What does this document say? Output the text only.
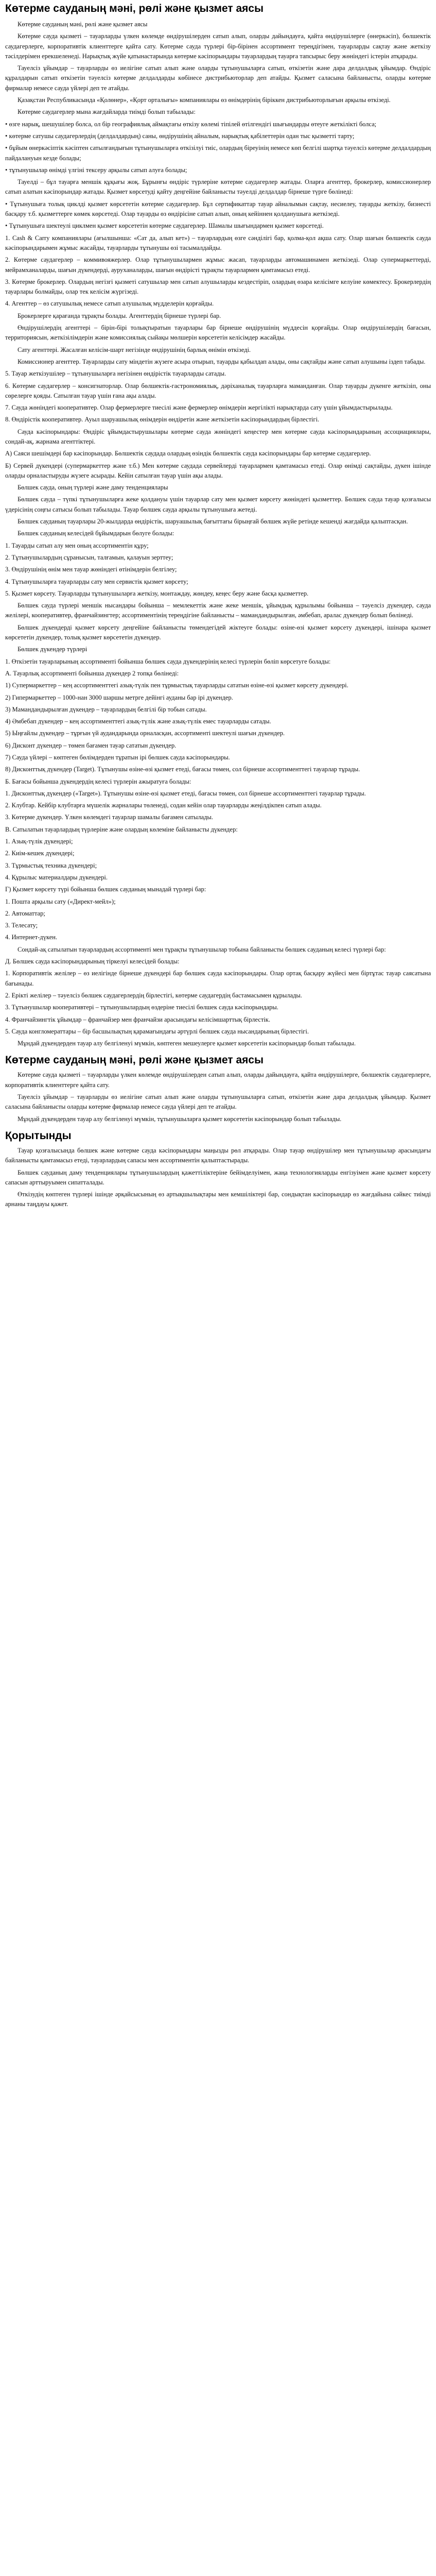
Көтерме сауданың мәні, рөлі және қызмет аясы

Көтерме сауданың мәні, рөлі және қызмет аясы

Көтерме сауда қызметі – тауарларды үлкен көлемде өндірушілерден сатып алып, оларды дайындауға, қайта өндірушілерге (өнеркәсіп), бөлшектік саудагерлерге, корпоративтік клиенттерге қайта сату. Көтерме сауда түрлері бір-бірінен ассортимент тереңдігімен, тауарларды сақтау және жеткізу тәсілдерімен ерекшеленеді. Нарықтық жүйе қатынастарында көтерме кәсіпорындары тауарлардың тауарға тапсырыс беру жөніндегі істерін атқарады.

Тауелсіз ұйымдар – тауарларды өз иелігіне сатып алып және оларды тұтынушыларға сатып, өткізетін және дара делдалдық ұйымдар. Өндіріс құралдарын сатып өткізетін тәуелсіз көтерме делдалдарды көбінесе дистрибьюторлар деп атайды. Қызмет саласына байланысты, оларды көтерме фирмалар немесе сауда үйлері деп те атайды.

Қазақстан Республикасында «Қолөнер», «Қорт орталығы» компаниялары өз өнімдерінің біріккен дистрибьюторлығын арқылы өткізеді.

Көтерме саудагерлер мына жағдайларда тиімді болып табылады:

• өзге нарық, шешушілер болса, ол бір географиялық аймақтағы өткізу көлемі тіпілей өтілгендігі шығындарды өтеуге жеткілікті болса;

• көтерме сатушы саудагерлердің (делдалдардың) саны, өндірушінің айналым, нарықтық қабілеттерін одан тыс қызметті тарту;

• бұйым өнеркәсіптік кәсіптен сатылғандығын тұтынушыларға өткізілуі тиіс, олардың біреуінің немесе көп белгілі шартқа тәуелсіз көтерме делдалдардың пайдалануын кезде болады;

• тұтынушылар өнімді үлгіні тексеру арқылы сатып алуға болады;

Тауелді – бұл тауарға меншік құқығы жоқ. Бұрынғы өндіріс түрлеріне көтерме саудагерлер жатады. Оларға агенттер, брокерлер, комиссионерлер сатып алатын кәсіпорындар жатады. Қызмет көрсетуді қайту деңгейіне байланысты тәуелді делдалдар бірнеше түрге бөлінеді:

• Тұтынушыға толық циклді қызмет көрсететін көтерме саудагерлер. Бұл сертификаттар тауар айналымын сақтау, несиелеу, тауарды жеткізу, бизнесті басқару т.б. қызметтерге көмек көрсетеді. Олар тауарды өз өндірісіне сатып алып, оның кейіннен қолданушыға жеткізеді.

• Тұтынушыға шектеулі циклмен қызмет көрсететін көтерме саудагерлер. Шамалы шығындармен қызмет көрсетеді.

1. Cash & Carry компаниялары (ағылшынша: «Сат да, алып кет») – тауарлардың өзге сәнділігі бар, қолма-қол ақша сату. Олар шағын бөлшектік сауда кәсіпорындарымен жұмыс жасайды, тауарларды тұтынушы өзі тасымалдайды.

2. Көтерме саудагерлер – коммивояжерлер. Олар тұтынушылармен жұмыс жасап, тауарларды автомашинамен жеткізеді. Олар супермаркеттерді, мейрамханаларды, шағын дүкендерді, ауруханаларды, шағын өндірісті тұрақты тауарлармен қамтамасыз етеді.

3. Көтерме брокерлер. Олардың негізгі қызметі сатушылар мен сатып алушыларды кездестіріп, олардың өзара келісімге келуіне көмектесу. Брокерлердің тауарлары болмайды, олар тек келісім жүргізеді.

4. Агенттер – өз сатушылық немесе сатып алушылық мүдделерін қорғайды.

Брокерлерге қарағанда тұрақты болады. Агенттердің бірнеше түрлері бар.

Өндірушілердің агенттері – бірін-бірі толықтыратын тауарлары бар бірнеше өндірушінің мүддесін қорғайды. Олар өндірушілердің бағасын, территориясын, жеткізілімдерін және комиссиялық сыйақы мөлшерін көрсететін келісімдер жасайды.

Сату агенттері. Жасалған келісім-шарт негізінде өндірушінің барлық өнімін өткізеді.

Комиссионер агенттер. Тауарларды сату міндетін жүзеге асыра отырып, тауарды қабылдап алады, оны сақтайды және сатып алушыны іздеп табады.

5. Тауар жеткізушілер – тұтынушыларға негізінен өндірістік тауарларды сатады.

6. Көтерме саудагерлер – консигнаторлар. Олар бөлшектік-гастрономиялық, дәріханалық тауарларға маманданған. Олар тауарды дүкенге жеткізіп, оны сөрелерге қояды. Сатылған тауар үшін ғана ақы алады.

7. Сауда жөніндегі кооперативтер. Олар фермерлерге тиесілі және фермерлер өнімдерін жергілікті нарықтарда сату үшін ұйымдастырылады.

8. Өндірістік кооперативтер. Ауыл шаруашылық өнімдерін өндіретін және жеткізетін кәсіпорындардың бірлестігі.

Сауда кәсіпорындары: Өндіріс ұйымдастырушылары көтерме сауда жөніндегі кеңестер мен көтерме сауда кәсіпорындарының ассоциациялары, сондай-ақ, жарнама агенттіктері.

А) Саяси шешімдері бар кәсіпорындар. Бөлшектік саудада олардың өзіндік бөлшектік сауда кәсіпорындары бар көтерме саудагерлер.

Б) Сервей дүкендері (супермаркеттер және т.б.) Мен көтерме саудада сервейлерді тауарлармен қамтамасыз етеді. Олар өнімді сақтайды, дүкен ішінде оларды орналастыруды жүзеге асырады. Кейін сатылған тауар үшін ақы алады.

Бөлшек сауда, оның түрлері және даму тенденциялары

Бөлшек сауда – түпкі тұтынушыларға жеке қолдануы үшін тауарлар сату мен қызмет көрсету жөніндегі қызметтер. Бөлшек сауда тауар қозғалысы үдерісінің соңғы сатысы болып табылады. Тауар бөлшек сауда арқылы тұтынушыға жетеді.

Бөлшек сауданың тауарлары 20-жылдарда өндірістік, шаруашылық бағыттағы бірыңғай бөлшек жүйе ретінде кешенді жағдайда қалыптасқан.

Бөлшек сауданың келесідей бұйымдарын бөлуге болады:

1. Тауарды сатып алу мен оның ассортиментін құру;

2. Тұтынушылардың сұранысын, талғамын, қалауын зерттеу;

3. Өндірушінің өнім мен тауар жөніндегі өтінімдерін белгілеу;

4. Тұтынушыларға тауарларды сату мен сервистік қызмет көрсету;

5. Қызмет көрсету. Тауарларды тұтынушыларға жеткізу, монтаждау, жөндеу, кеңес беру және басқа қызметтер.

Бөлшек сауда түрлері меншік нысандары бойынша – мемлекеттік және жеке меншік, ұйымдық құрылымы бойынша – тәуелсіз дүкендер, сауда желілері, кооперативтер, франчайзингтер; ассортиментінің тереңдігіне байланысты – мамандандырылған, әмбебап, аралас дүкендер болып бөлінеді.

Бөлшек дүкендерді қызмет көрсету деңгейіне байланысты төмендегідей жіктеуге болады: өзіне-өзі қызмет көрсету дүкендері, ішінара қызмет көрсететін дүкендер, толық қызмет көрсететін дүкендер.

Бөлшек дүкендер түрлері

1. Өткізетін тауарларының ассортименті бойынша бөлшек сауда дүкендерінің келесі түрлерін бөліп көрсетуге болады:

А. Тауарлық ассортименті бойынша дүкендер 2 топқа бөлінеді:

1) Супермаркеттер – кең ассортименттегі азық-түлік пен тұрмыстық тауарларды сататын өзіне-өзі қызмет көрсету дүкендері.

2) Гипермаркеттер – 1000-нан 3000 шаршы метрге дейінгі ауданы бар ірі дүкендер.

3) Мамандандырылған дүкендер – тауарлардың белгілі бір тобын сатады.

4) Әмбебап дүкендер – кең ассортименттегі азық-түлік және азық-түлік емес тауарларды сатады.

5) Ыңғайлы дүкендер – тұрғын үй аудандарында орналасқан, ассортименті шектеулі шағын дүкендер.

6) Дисконт дүкендер – төмен бағамен тауар сататын дүкендер.

7) Сауда үйлері – көптеген бөлімдерден тұратын ірі бөлшек сауда кәсіпорындары.

8) Дисконттық дүкендер (Target). Тұтынушы өзіне-өзі қызмет етеді, бағасы төмен, сол бірнеше ассортименттегі тауарлар тұрады.

Б. Бағасы бойынша дүкендердің келесі түрлерін ажыратуға болады:

1. Дисконттық дүкендер («Target»). Тұтынушы өзіне-өзі қызмет етеді, бағасы төмен, сол бірнеше ассортименттегі тауарлар тұрады.

2. Клубтар. Кейбір клубтарға мүшелік жарналары төленеді, содан кейін олар тауарларды жеңілдікпен сатып алады.

3. Көтерме дүкендер. Үлкен көлемдегі тауарлар шамалы бағамен сатылады.

В. Сатылатын тауарлардың түрлеріне және олардың көлеміне байланысты дүкендер:

1. Азық-түлік дүкендері;

2. Киім-кешек дүкендері;

3. Тұрмыстық техника дүкендері;

4. Құрылыс материалдары дүкендері.

Г) Қызмет көрсету түрі бойынша бөлшек сауданың мынадай түрлері бар:

1. Пошта арқылы сату («Директ-мейл»);

2. Автоматтар;

3. Телесату;

4. Интернет-дүкен.

Сондай-ақ сатылатын тауарлардың ассортименті мен тұрақты тұтынушылар тобына байланысты бөлшек сауданың келесі түрлері бар:

Д. Бөлшек сауда кәсіпорындарының тіркелуі келесідей болады:

1. Корпоративтік желілер – өз иелігінде бірнеше дүкендері бар бөлшек сауда кәсіпорындары. Олар ортақ басқару жүйесі мен біртұтас тауар саясатына бағынады.

2. Ерікті желілер – тәуелсіз бөлшек саудагерлердің бірлестігі, көтерме саудагердің бастамасымен құрылады.

3. Тұтынушылар кооперативтері – тұтынушылардың өздеріне тиесілі бөлшек сауда кәсіпорындары.

4. Франчайзингтік ұйымдар – франчайзер мен франчайзи арасындағы келісімшарттық бірлестік.

5. Сауда конгломераттары – бір басшылықтың қарамағындағы әртүрлі бөлшек сауда нысандарының бірлестігі.

Мұндай дүкендерден тауар алу белгіленуі мүмкін, көптеген мешеулерге қызмет көрсететін кәсіпорындар болып табылады.

Көтерме сауданың мәні, рөлі және қызмет аясы

Көтерме сауда қызметі – тауарларды үлкен көлемде өндірушілерден сатып алып, оларды дайындауға, қайта өндірушілерге, бөлшектік саудагерлерге, корпоративтік клиенттерге қайта сату.

Тауелсіз ұйымдар – тауарларды өз иелігіне сатып алып және оларды тұтынушыларға сатып, өткізетін және дара делдалдық ұйымдар. Қызмет саласына байланысты оларды көтерме фирмалар немесе сауда үйлері деп те атайды.

Мұндай дүкендерден тауар алу белгіленуі мүмкін, тұтынушыларға қызмет көрсететін кәсіпорындар болып табылады.

Қорытынды

Тауар қозғалысында бөлшек және көтерме сауда кәсіпорындары маңызды рөл атқарады. Олар тауар өндірушілер мен тұтынушылар арасындағы байланысты қамтамасыз етеді, тауарлардың сапасы мен ассортиментін қалыптастырады.

Бөлшек сауданың даму тенденциялары тұтынушылардың қажеттіліктеріне бейімделуімен, жаңа технологияларды енгізуімен және қызмет көрсету сапасын арттыруымен сипатталады.

Өткізудің көптеген түрлері ішінде әрқайсысының өз артықшылықтары мен кемшіліктері бар, сондықтан кәсіпорындар өз жағдайына сәйкес тиімді арнаны таңдауы қажет.
